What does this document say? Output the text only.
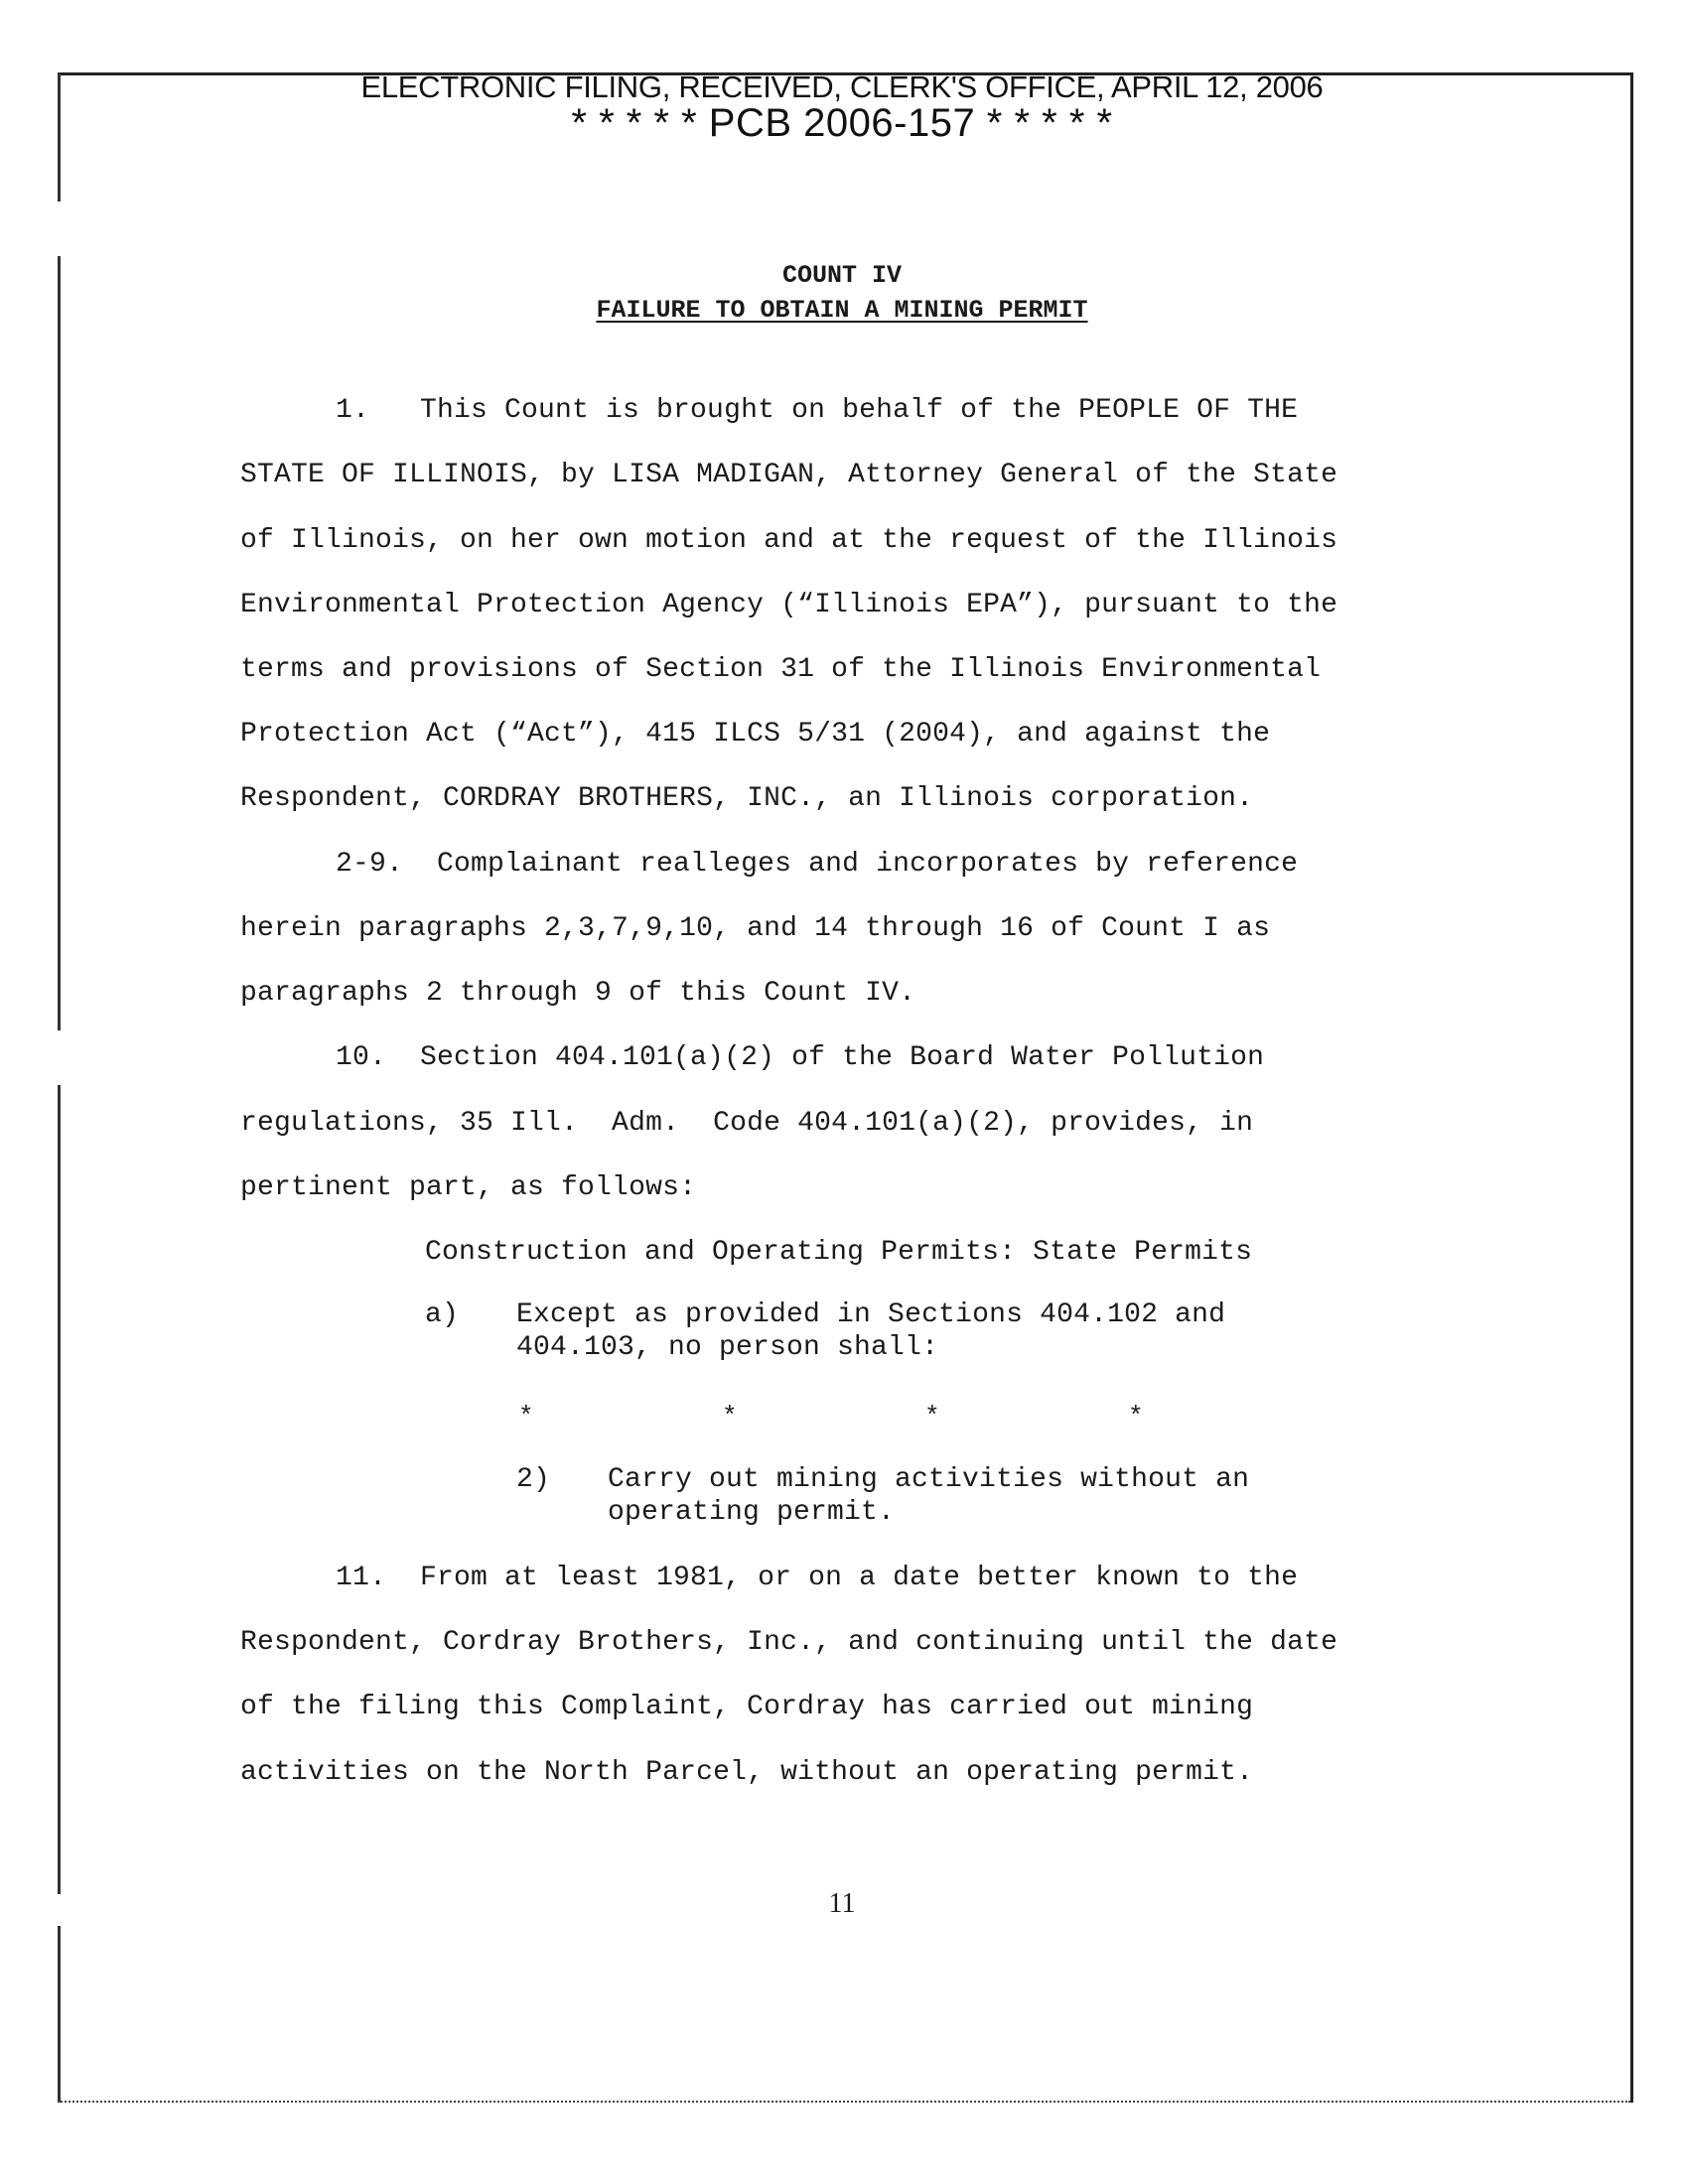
ELECTRONIC FILING, RECEIVED, CLERK'S OFFICE, APRIL 12, 2006
* * * * * PCB 2006-157 * * * * *
COUNT IV
FAILURE TO OBTAIN A MINING PERMIT
1.   This Count is brought on behalf of the PEOPLE OF THE
STATE OF ILLINOIS, by LISA MADIGAN, Attorney General of the State
of Illinois, on her own motion and at the request of the Illinois
Environmental Protection Agency (“Illinois EPA”), pursuant to the
terms and provisions of Section 31 of the Illinois Environmental
Protection Act (“Act”), 415 ILCS 5/31 (2004), and against the
Respondent, CORDRAY BROTHERS, INC., an Illinois corporation.
2-9.  Complainant realleges and incorporates by reference
herein paragraphs 2,3,7,9,10, and 14 through 16 of Count I as
paragraphs 2 through 9 of this Count IV.
10.  Section 404.101(a)(2) of the Board Water Pollution
regulations, 35 Ill.  Adm.  Code 404.101(a)(2), provides, in
pertinent part, as follows:
Construction and Operating Permits: State Permits
a) Except as provided in Sections 404.102 and
404.103, no person shall:
*	*	*	*
2) Carry out mining activities without an
operating permit.
11.  From at least 1981, or on a date better known to the
Respondent, Cordray Brothers, Inc., and continuing until the date
of the filing this Complaint, Cordray has carried out mining
activities on the North Parcel, without an operating permit.
11
